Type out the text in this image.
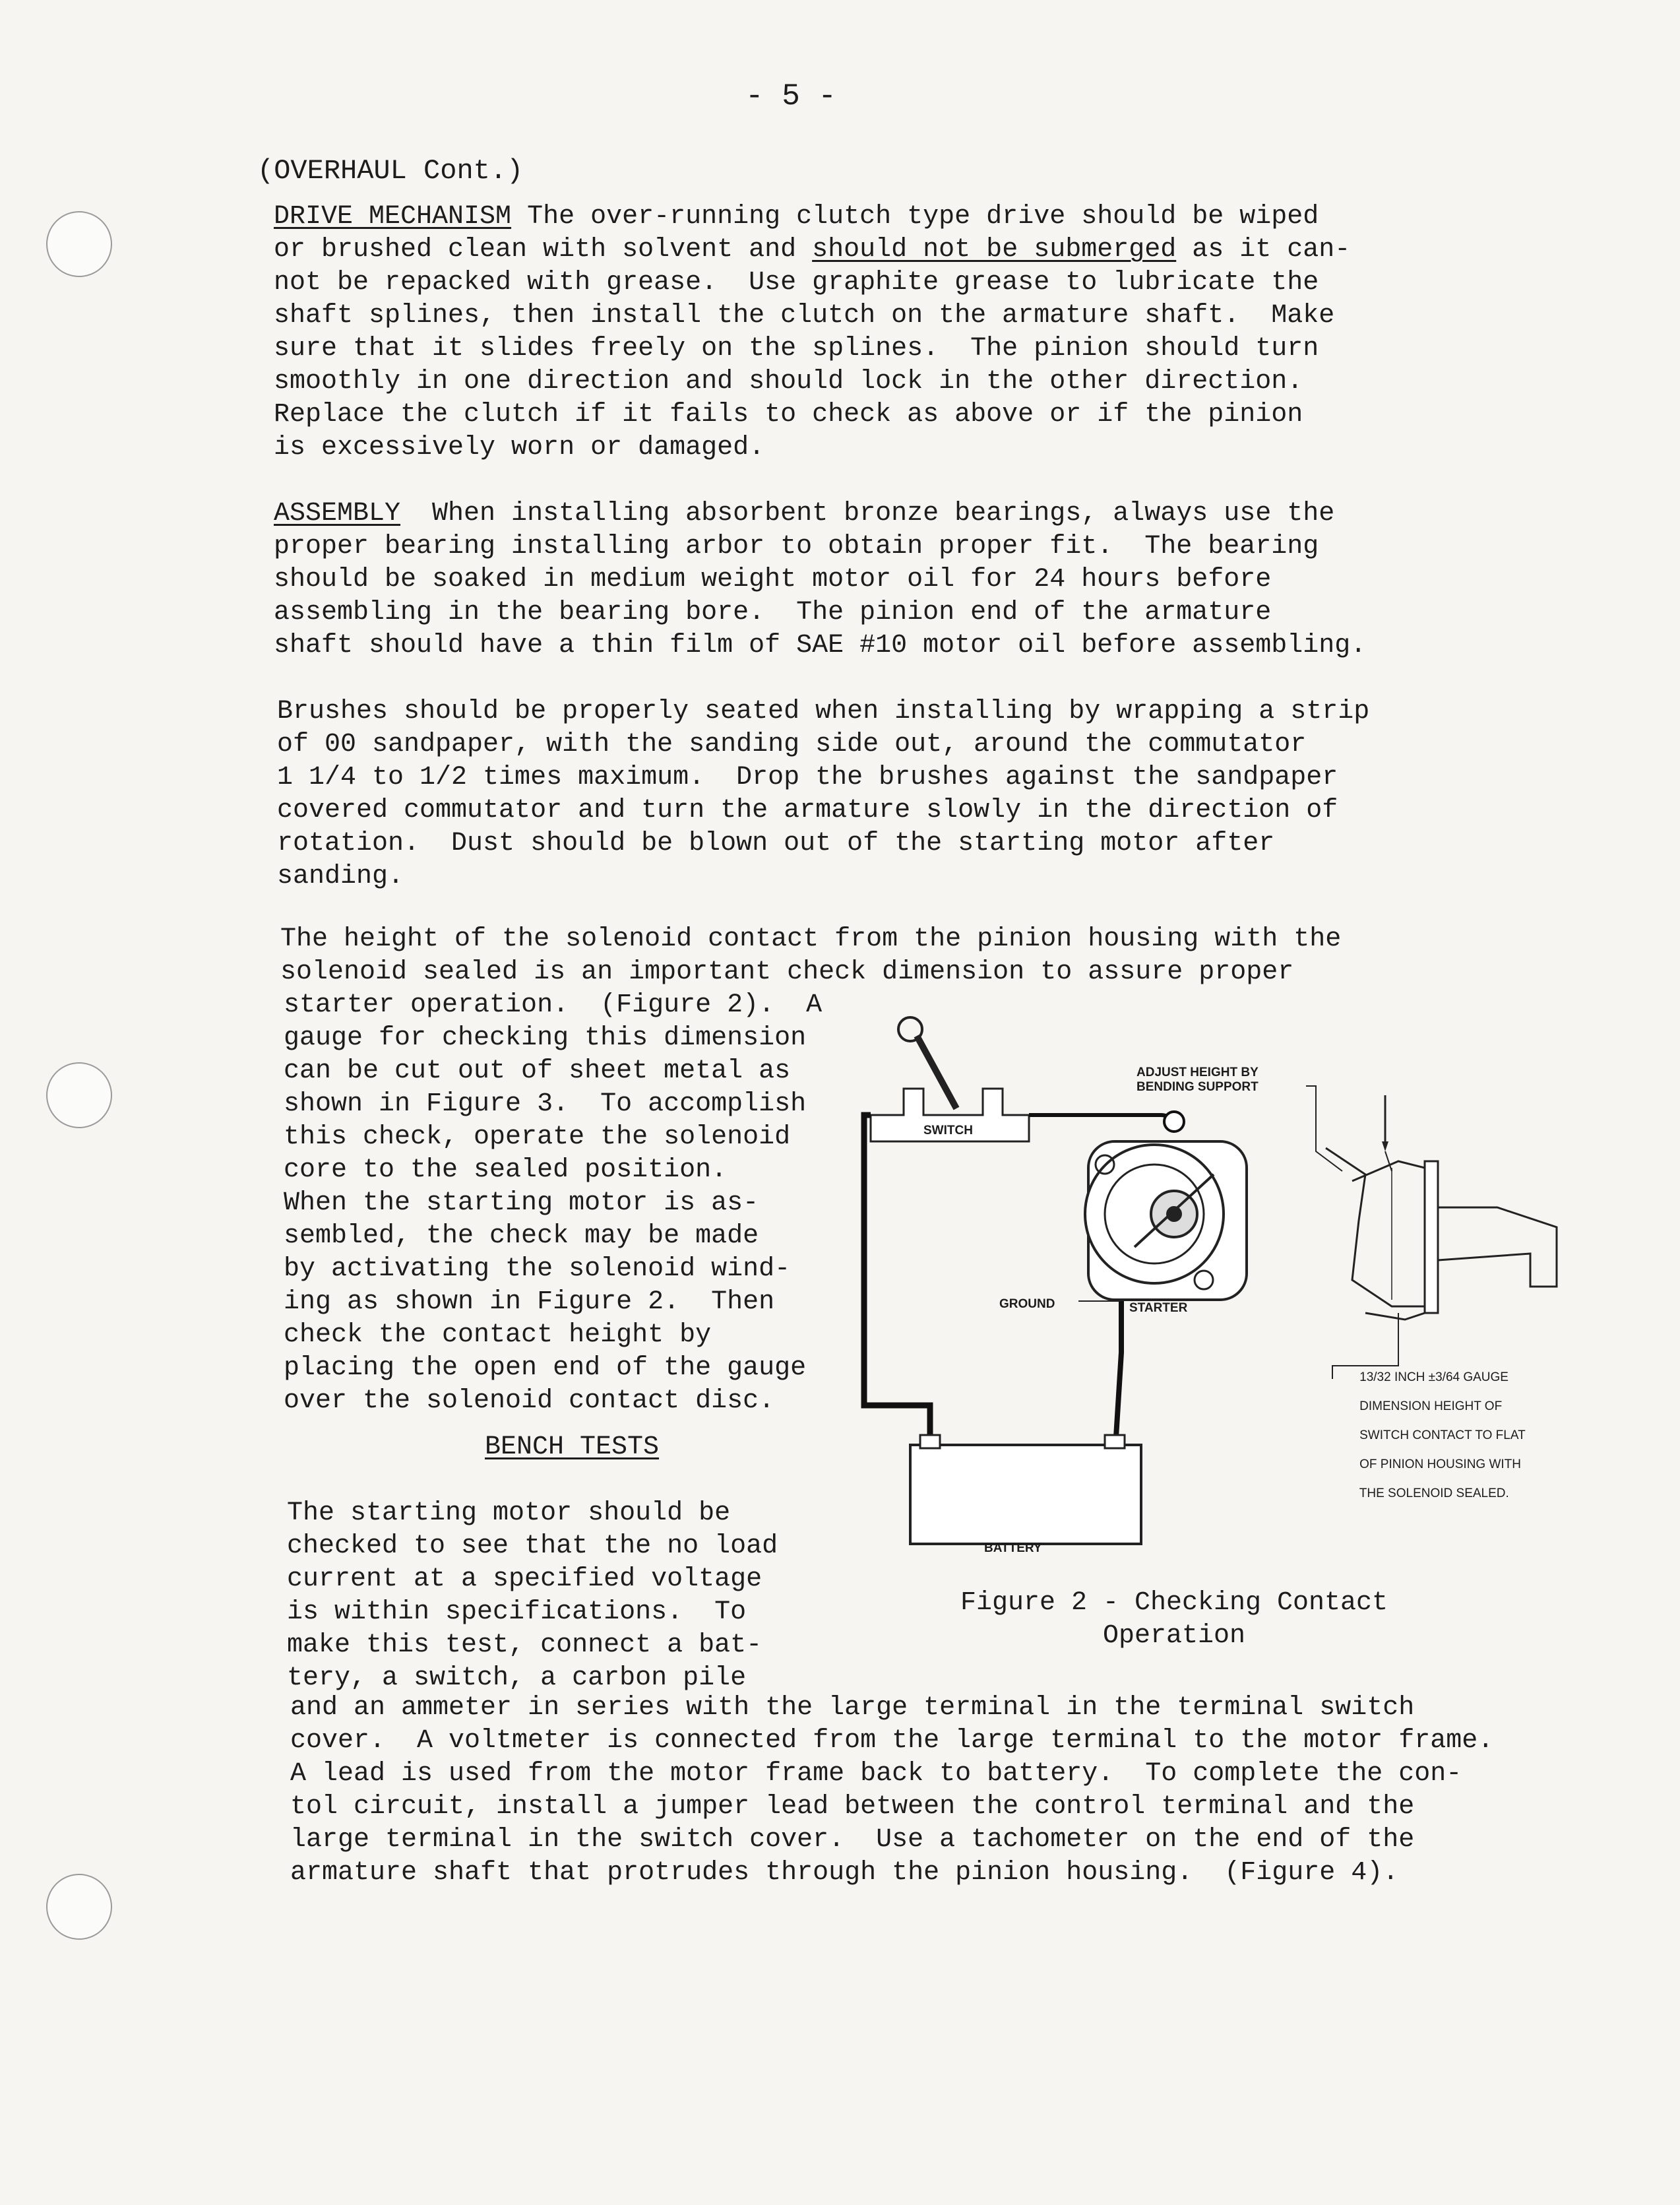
- 5 -
(OVERHAUL Cont.)
DRIVE MECHANISM The over-running clutch type drive should be wiped
or brushed clean with solvent and should not be submerged as it can-
not be repacked with grease.  Use graphite grease to lubricate the
shaft splines, then install the clutch on the armature shaft.  Make
sure that it slides freely on the splines.  The pinion should turn
smoothly in one direction and should lock in the other direction.
Replace the clutch if it fails to check as above or if the pinion
is excessively worn or damaged.
ASSEMBLY  When installing absorbent bronze bearings, always use the
proper bearing installing arbor to obtain proper fit.  The bearing
should be soaked in medium weight motor oil for 24 hours before
assembling in the bearing bore.  The pinion end of the armature
shaft should have a thin film of SAE #10 motor oil before assembling.
Brushes should be properly seated when installing by wrapping a strip
of 00 sandpaper, with the sanding side out, around the commutator
1 1/4 to 1/2 times maximum.  Drop the brushes against the sandpaper
covered commutator and turn the armature slowly in the direction of
rotation.  Dust should be blown out of the starting motor after
sanding.
The height of the solenoid contact from the pinion housing with the
solenoid sealed is an important check dimension to assure proper
starter operation.  (Figure 2).  A
gauge for checking this dimension
can be cut out of sheet metal as
shown in Figure 3.  To accomplish
this check, operate the solenoid
core to the sealed position.
When the starting motor is as-
sembled, the check may be made
by activating the solenoid wind-
ing as shown in Figure 2.  Then
check the contact height by
placing the open end of the gauge
over the solenoid contact disc.
BENCH TESTS
The starting motor should be
checked to see that the no load
current at a specified voltage
is within specifications.  To
make this test, connect a bat-
tery, a switch, a carbon pile
and an ammeter in series with the large terminal in the terminal switch
cover.  A voltmeter is connected from the large terminal to the motor frame.
A lead is used from the motor frame back to battery.  To complete the con-
tol circuit, install a jumper lead between the control terminal and the
large terminal in the switch cover.  Use a tachometer on the end of the
armature shaft that protrudes through the pinion housing.  (Figure 4).
SWITCH
GROUND	STARTER
BATTERY
ADJUST HEIGHT BY
BENDING SUPPORT

13/32 INCH ±3/64 GAUGE

DIMENSION HEIGHT OF

SWITCH CONTACT TO FLAT

OF PINION HOUSING WITH

THE SOLENOID SEALED.

Figure 2 - Checking Contact
Operation
